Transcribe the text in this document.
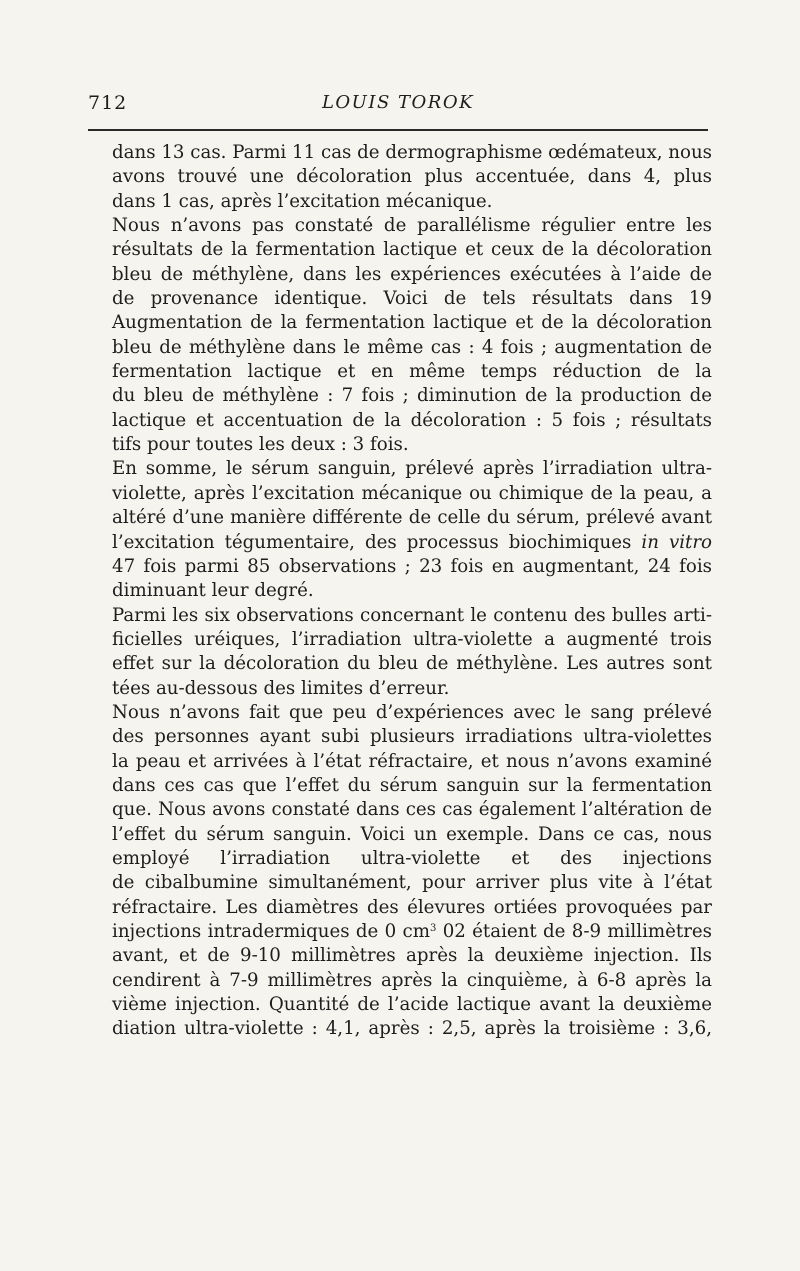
712	LOUIS TOROK

dans 13 cas. Parmi 11 cas de dermographisme œdémateux, nous
avons trouvé une décoloration plus accentuée, dans 4, plus
dans 1 cas, après l’excitation mécanique.

Nous n’avons pas constaté de parallélisme régulier entre les
résultats de la fermentation lactique et ceux de la décoloration
bleu de méthylène, dans les expériences exécutées à l’aide de
de provenance identique. Voici de tels résultats dans 19
Augmentation de la fermentation lactique et de la décoloration
bleu de méthylène dans le même cas : 4 fois ; augmentation de
fermentation lactique et en même temps réduction de la
du bleu de méthylène : 7 fois ; diminution de la production de
lactique et accentuation de la décoloration : 5 fois ; résultats
tifs pour toutes les deux : 3 fois.

En somme, le sérum sanguin, prélevé après l’irradiation ultra-
violette, après l’excitation mécanique ou chimique de la peau, a
altéré d’une manière différente de celle du sérum, prélevé avant
l’excitation tégumentaire, des processus biochimiques in vitro
47 fois parmi 85 observations ; 23 fois en augmentant, 24 fois
diminuant leur degré.

Parmi les six observations concernant le contenu des bulles arti-
ficielles uréiques, l’irradiation ultra-violette a augmenté trois
effet sur la décoloration du bleu de méthylène. Les autres sont
tées au-dessous des limites d’erreur.

Nous n’avons fait que peu d’expériences avec le sang prélevé
des personnes ayant subi plusieurs irradiations ultra-violettes
la peau et arrivées à l’état réfractaire, et nous n’avons examiné
dans ces cas que l’effet du sérum sanguin sur la fermentation
que. Nous avons constaté dans ces cas également l’altération de
l’effet du sérum sanguin. Voici un exemple. Dans ce cas, nous
employé l’irradiation ultra-violette et des injections
de cibalbumine simultanément, pour arriver plus vite à l’état
réfractaire. Les diamètres des élevures ortiées provoquées par
injections intradermiques de 0 $cm^3$ 02 étaient de 8-9 millimètres
avant, et de 9-10 millimètres après la deuxième injection. Ils
cendirent à 7-9 millimètres après la cinquième, à 6-8 après la
vième injection. Quantité de l’acide lactique avant la deuxième
diation ultra-violette : 4,1, après : 2,5, après la troisième : 3,6,
